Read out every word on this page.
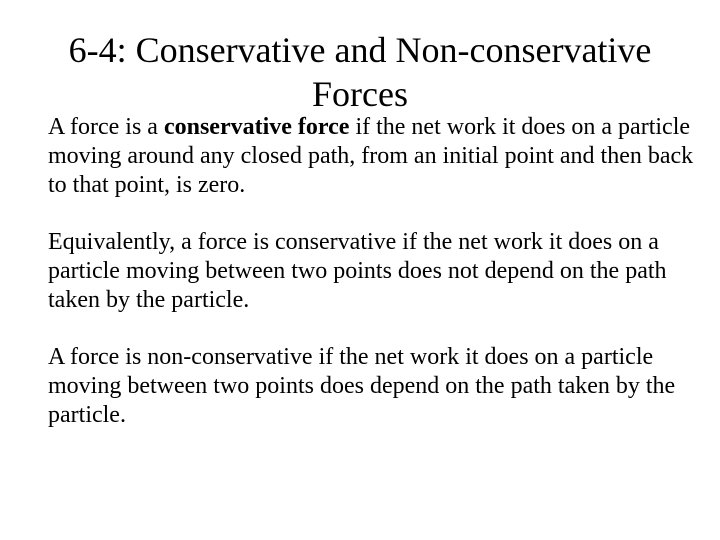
6-4: Conservative and Non-conservative Forces

A force is a conservative force if the net work it does on a particle moving around any closed path, from an initial point and then back to that point, is zero.

Equivalently, a force is conservative if the net work it does on a particle moving between two points does not depend on the path taken by the particle.

A force is non-conservative if the net work it does on a particle moving between two points does depend on the path taken by the particle.
